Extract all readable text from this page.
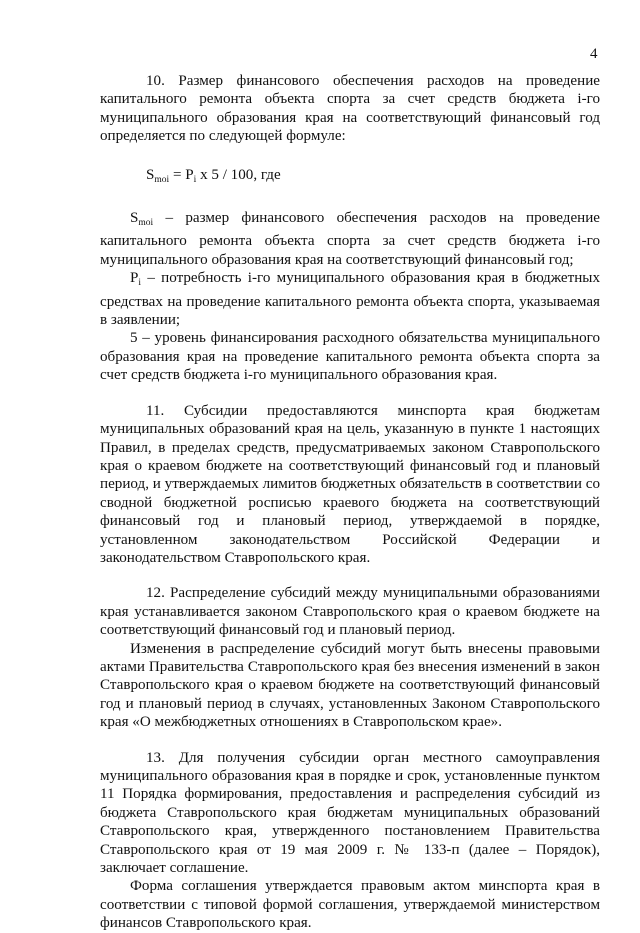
4

10. Размер финансового обеспечения расходов на проведение капитального ремонта объекта спорта за счет средств бюджета i-го муниципального образования края на соответствующий финансовый год определяется по следующей формуле:

$S_{moi} = P_i$ x 5 / 100, где

$S_{moi}$ – размер финансового обеспечения расходов на проведение капитального ремонта объекта спорта за счет средств бюджета i-го муниципального образования края на соответствующий финансовый год;

$P_i$ – потребность i-го муниципального образования края в бюджетных средствах на проведение капитального ремонта объекта спорта, указываемая в заявлении;

5 – уровень финансирования расходного обязательства муниципального образования края на проведение капитального ремонта объекта спорта за счет средств бюджета i-го муниципального образования края.

11. Субсидии предоставляются минспорта края бюджетам муниципальных образований края на цель, указанную в пункте 1 настоящих Правил, в пределах средств, предусматриваемых законом Ставропольского края о краевом бюджете на соответствующий финансовый год и плановый период, и утверждаемых лимитов бюджетных обязательств в соответствии со сводной бюджетной росписью краевого бюджета на соответствующий финансовый год и плановый период, утверждаемой в порядке, установленном законодательством Российской Федерации и законодательством Ставропольского края.

12. Распределение субсидий между муниципальными образованиями края устанавливается законом Ставропольского края о краевом бюджете на соответствующий финансовый год и плановый период.

Изменения в распределение субсидий могут быть внесены правовыми актами Правительства Ставропольского края без внесения изменений в закон Ставропольского края о краевом бюджете на соответствующий финансовый год и плановый период в случаях, установленных Законом Ставропольского края «О межбюджетных отношениях в Ставропольском крае».

13. Для получения субсидии орган местного самоуправления муниципального образования края в порядке и срок, установленные пунктом 11 Порядка формирования, предоставления и распределения субсидий из бюджета Ставропольского края бюджетам муниципальных образований Ставропольского края, утвержденного постановлением Правительства Ставропольского края от 19 мая 2009 г. № 133-п (далее – Порядок), заключает соглашение.

Форма соглашения утверждается правовым актом минспорта края в соответствии с типовой формой соглашения, утверждаемой министерством финансов Ставропольского края.
